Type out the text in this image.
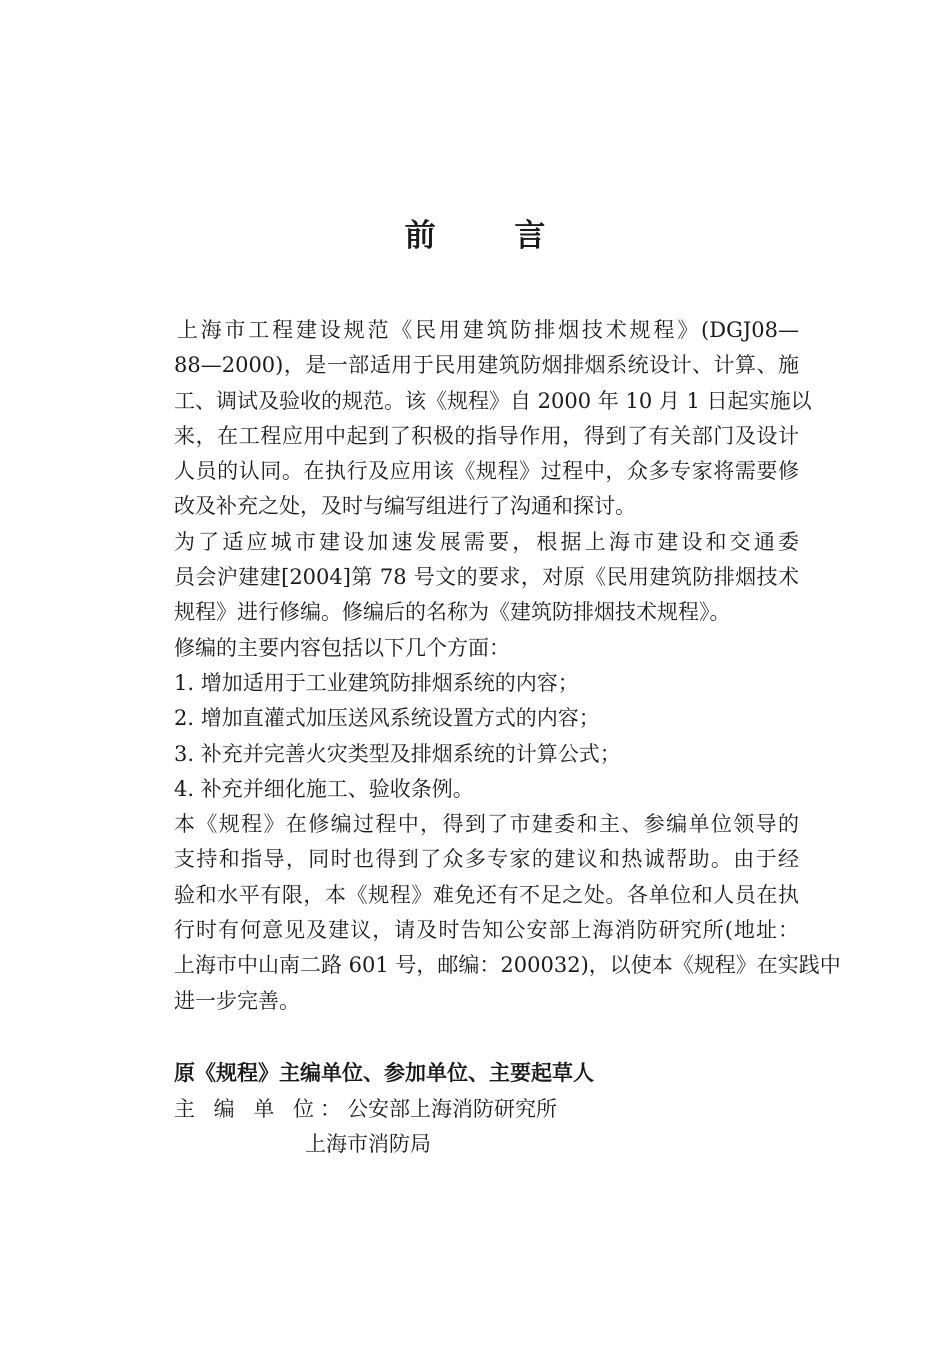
前 言
上海市工程建设规范《民用建筑防排烟技术规程》(DGJ08—
88—2000)，是一部适用于民用建筑防烟排烟系统设计、计算、施
工、调试及验收的规范。该《规程》自 2000 年 10 月 1 日起实施以
来，在工程应用中起到了积极的指导作用，得到了有关部门及设计
人员的认同。在执行及应用该《规程》过程中，众多专家将需要修
改及补充之处，及时与编写组进行了沟通和探讨。
为了适应城市建设加速发展需要，根据上海市建设和交通委
员会沪建建[2004]第 78 号文的要求，对原《民用建筑防排烟技术
规程》进行修编。修编后的名称为《建筑防排烟技术规程》。
修编的主要内容包括以下几个方面：
1. 增加适用于工业建筑防排烟系统的内容；
2. 增加直灌式加压送风系统设置方式的内容；
3. 补充并完善火灾类型及排烟系统的计算公式；
4. 补充并细化施工、验收条例。
本《规程》在修编过程中，得到了市建委和主、参编单位领导的
支持和指导，同时也得到了众多专家的建议和热诚帮助。由于经
验和水平有限，本《规程》难免还有不足之处。各单位和人员在执
行时有何意见及建议，请及时告知公安部上海消防研究所(地址：
上海市中山南二路 601 号，邮编：200032)，以使本《规程》在实践中
进一步完善。
原《规程》主编单位、参加单位、主要起草人
主 编 单 位：公安部上海消防研究所
上海市消防局
